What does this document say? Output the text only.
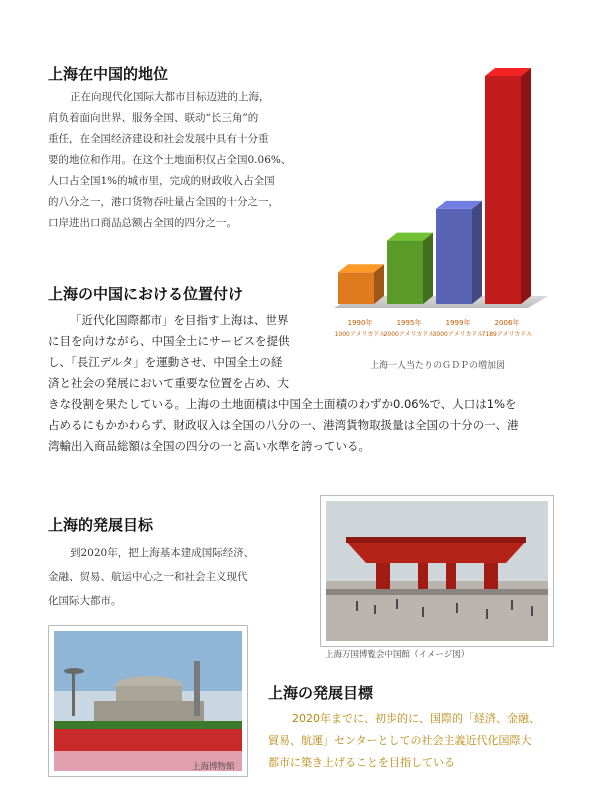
上海在中国的地位
正在向现代化国际大都市目标迈进的上海，
肩负着面向世界、服务全国、联动“长三角”的
重任，在全国经济建设和社会发展中具有十分重
要的地位和作用。在这个土地面积仅占全国0.06%、
人口占全国1%的城市里，完成的财政收入占全国
的八分之一，港口货物吞吐量占全国的十分之一，
口岸进出口商品总额占全国的四分之一。
1990年
1000アメリカドル
1995年
2000アメリカドル
1999年
3000アメリカドル
2006年
7189アメリカドル
上海一人当たりのＧＤＰの増加図
上海の中国における位置付け
「近代化国際都市」を目指す上海は、世界
に目を向けながら、中国全土にサービスを提供
し、「長江デルタ」を運動させ、中国全土の経
済と社会の発展において重要な位置を占め、大
きな役割を果たしている。上海の土地面積は中国全土面積のわずか0.06%で、人口は1%を
占めるにもかかわらず、財政収入は全国の八分の一、港湾貨物取扱量は全国の十分の一、港
湾輸出入商品総額は全国の四分の一と高い水準を誇っている。
上海的発展目标
到2020年，把上海基本建成国际经济、
金融、贸易、航运中心之一和社会主义现代
化国际大都市。
上海万国博覧会中国館（イメージ図）
上海博物館
上海の発展目標
2020年までに、初歩的に、国際的「経済、金融、
貿易、航運」センターとしての社会主義近代化国際大
都市に築き上げることを目指している
